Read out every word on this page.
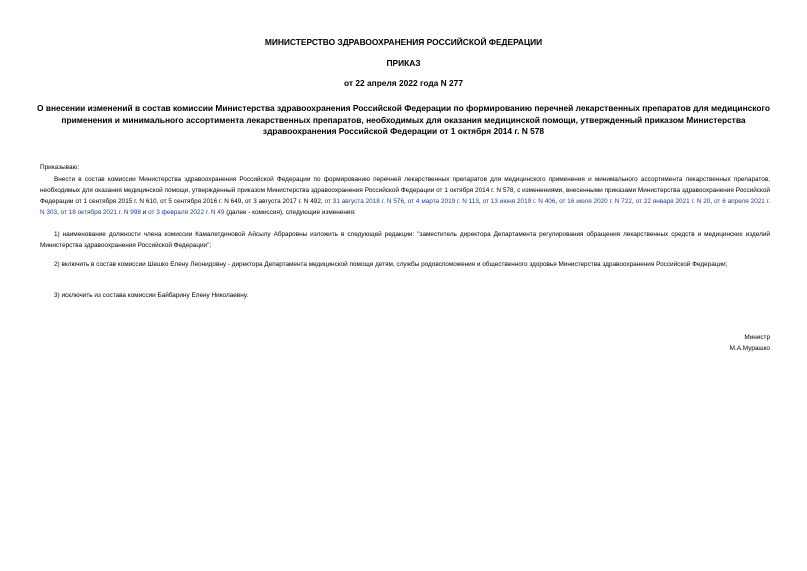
МИНИСТЕРСТВО ЗДРАВООХРАНЕНИЯ РОССИЙСКОЙ ФЕДЕРАЦИИ
ПРИКАЗ
от 22 апреля 2022 года N 277
О внесении изменений в состав комиссии Министерства здравоохранения Российской Федерации по формированию перечней лекарственных препаратов для медицинского применения и минимального ассортимента лекарственных препаратов, необходимых для оказания медицинской помощи, утвержденный приказом Министерства здравоохранения Российской Федерации от 1 октября 2014 г. N 578

Приказываю:

Внести в состав комиссии Министерства здравоохранения Российской Федерации по формированию перечней лекарственных препаратов для медицинского применения и минимального ассортимента лекарственных препаратов, необходимых для оказания медицинской помощи, утвержденный приказом Министерства здравоохранения Российской Федерации от 1 октября 2014 г. N 578, с изменениями, внесенными приказами Министерства здравоохранения Российской Федерации от 1 сентября 2015 г. N 610, от 5 сентября 2016 г. N 649, от 3 августа 2017 г. N 492, от 31 августа 2018 г. N 576, от 4 марта 2019 г. N 113, от 13 июня 2019 г. N 406, от 16 июля 2020 г. N 722, от 22 января 2021 г. N 20, от 6 апреля 2021 г. N 303, от 18 октября 2021 г. N 998 и от 3 февраля 2022 г. N 49 (далее - комиссия), следующие изменения:

1) наименование должности члена комиссии Камалетдиновой Айсылу Абраровны изложить в следующей редакции: "заместитель директора Департамента регулирования обращения лекарственных средств и медицинских изделий Министерства здравоохранения Российской Федерации";

2) включить в состав комиссии Шешко Елену Леонидовну - директора Департамента медицинской помощи детям, службы родовспоможения и общественного здоровья Министерства здравоохранения Российской Федерации;

3) исключить из состава комиссии Байбарину Елену Николаевну.

Министр
М.А.Мурашко
